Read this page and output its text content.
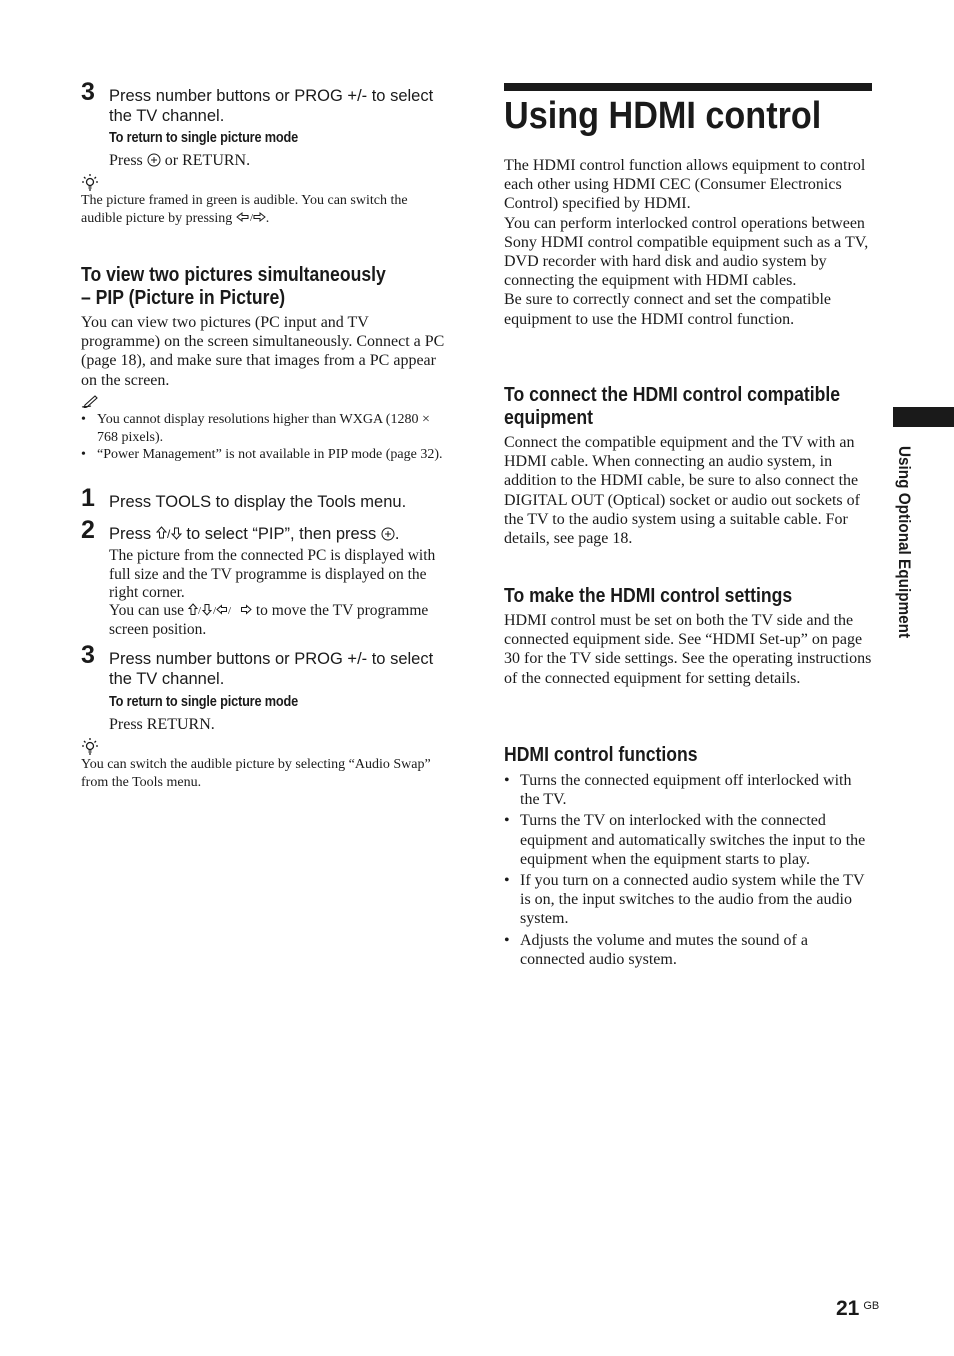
3 Press number buttons or PROG +/- to select the TV channel.
To return to single picture mode
Press or RETURN.
The picture framed in green is audible. You can switch the audible picture by pressing / .
To view two pictures simultaneously
– PIP (Picture in Picture)
You can view two pictures (PC input and TV programme) on the screen simultaneously. Connect a PC (page 18), and make sure that images from a PC appear on the screen.
• You cannot display resolutions higher than WXGA (1280 × 768 pixels).
• “Power Management” is not available in PIP mode (page 32).
1 Press TOOLS to display the Tools menu.
2 Press / to select “PIP”, then press .
The picture from the connected PC is displayed with full size and the TV programme is displayed on the right corner.
You can use / / / to move the TV programme screen position.
3 Press number buttons or PROG +/- to select the TV channel.
To return to single picture mode
Press RETURN.
You can switch the audible picture by selecting “Audio Swap” from the Tools menu.
Using HDMI control
The HDMI control function allows equipment to control each other using HDMI CEC (Consumer Electronics Control) specified by HDMI.
You can perform interlocked control operations between Sony HDMI control compatible equipment such as a TV, DVD recorder with hard disk and audio system by connecting the equipment with HDMI cables.
Be sure to correctly connect and set the compatible equipment to use the HDMI control function.
To connect the HDMI control compatible
equipment
Connect the compatible equipment and the TV with an HDMI cable. When connecting an audio system, in addition to the HDMI cable, be sure to also connect the DIGITAL OUT (Optical) socket or audio out sockets of the TV to the audio system using a suitable cable. For details, see page 18.
To make the HDMI control settings
HDMI control must be set on both the TV side and the connected equipment side. See “HDMI Set-up” on page 30 for the TV side settings. See the operating instructions of the connected equipment for setting details.
HDMI control functions
• Turns the connected equipment off interlocked with the TV.
• Turns the TV on interlocked with the connected equipment and automatically switches the input to the equipment when the equipment starts to play.
• If you turn on a connected audio system while the TV is on, the input switches to the audio from the audio system.
• Adjusts the volume and mutes the sound of a connected audio system.
Using Optional Equipment
21 $^{GB}$
